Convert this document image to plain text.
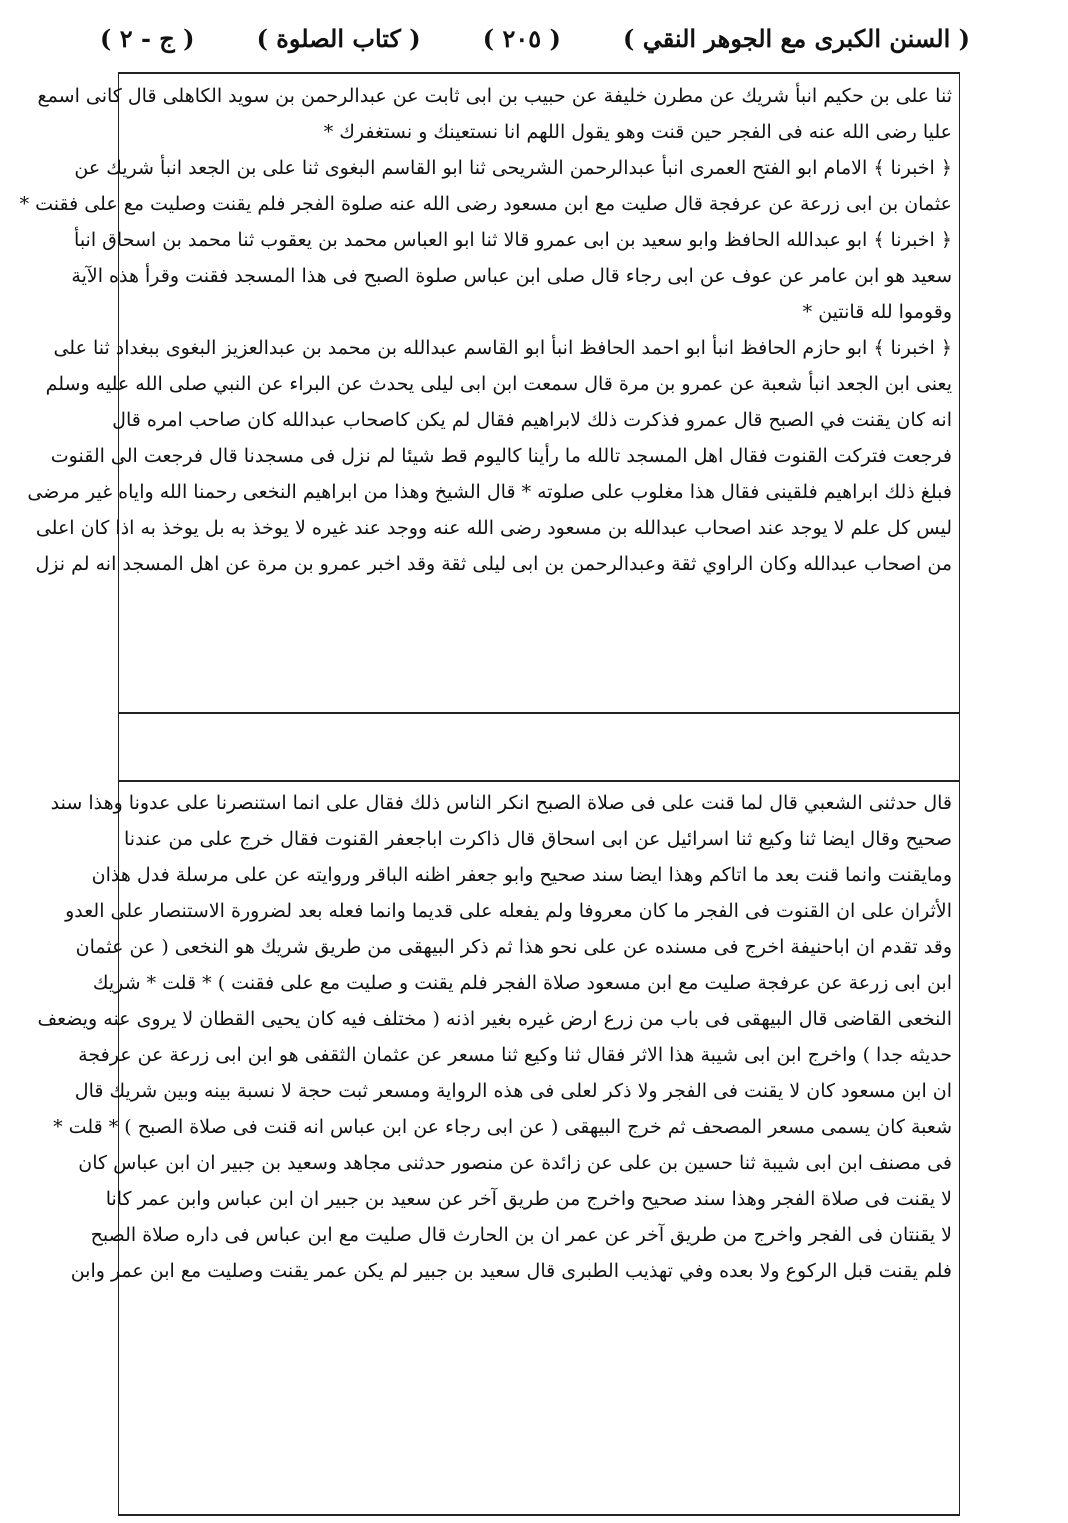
( السنن الكبرى مع الجوهر النقي )
( ٢٠٥ )
( كتاب الصلوة )
( ج - ٢ )
ثنا على بن حكيم انبأ شريك عن مطرن خليفة عن حبيب بن ابى ثابت عن عبدالرحمن بن سويد الكاهلى قال كانى اسمع
عليا رضى الله عنه فى الفجر حين قنت وهو يقول اللهم انا نستعينك و نستغفرك *
﴿ اخبرنا ﴾ الامام ابو الفتح العمرى انبأ عبدالرحمن الشريحى ثنا ابو القاسم البغوى ثنا على بن الجعد انبأ شريك عن
عثمان بن ابى زرعة عن عرفجة قال صليت مع ابن مسعود رضى الله عنه صلوة الفجر فلم يقنت وصليت مع على فقنت *
﴿ اخبرنا ﴾ ابو عبدالله الحافظ وابو سعيد بن ابى عمرو قالا ثنا ابو العباس محمد بن يعقوب ثنا محمد بن اسحاق انبأ
سعيد هو ابن عامر عن عوف عن ابى رجاء قال صلى ابن عباس صلوة الصبح فى هذا المسجد فقنت وقرأ هذه الآية
وقوموا لله قانتين *
﴿ اخبرنا ﴾ ابو حازم الحافظ انبأ ابو احمد الحافظ انبأ ابو القاسم عبدالله بن محمد بن عبدالعزيز البغوى ببغداد ثنا على
يعنى ابن الجعد انبأ شعبة عن عمرو بن مرة قال سمعت ابن ابى ليلى يحدث عن البراء عن النبي صلى الله عليه وسلم
انه كان يقنت في الصبح قال عمرو فذكرت ذلك لابراهيم فقال لم يكن كاصحاب عبدالله كان صاحب امره قال
فرجعت فتركت القنوت فقال اهل المسجد تالله ما رأينا كاليوم قط شيئا لم نزل فى مسجدنا قال فرجعت الى القنوت
فبلغ ذلك ابراهيم فلقينى فقال هذا مغلوب على صلوته * قال الشيخ وهذا من ابراهيم النخعى رحمنا الله واياه غير مرضى
ليس كل علم لا يوجد عند اصحاب عبدالله بن مسعود رضى الله عنه ووجد عند غيره لا يوخذ به بل يوخذ به اذا كان اعلى
من اصحاب عبدالله وكان الراوي ثقة وعبدالرحمن بن ابى ليلى ثقة وقد اخبر عمرو بن مرة عن اهل المسجد انه لم نزل
قال حدثنى الشعبي قال لما قنت على فى صلاة الصبح انكر الناس ذلك فقال على انما استنصرنا على عدونا وهذا سند
صحيح وقال ايضا ثنا وكيع ثنا اسرائيل عن ابى اسحاق قال ذاكرت اباجعفر القنوت فقال خرج على من عندنا
ومايقنت وانما قنت بعد ما اتاكم وهذا ايضا سند صحيح وابو جعفر اظنه الباقر وروايته عن على مرسلة فدل هذان
الأثران على ان القنوت فى الفجر ما كان معروفا ولم يفعله على قديما وانما فعله بعد لضرورة الاستنصار على العدو
وقد تقدم ان اباحنيفة اخرج فى مسنده عن على نحو هذا ثم ذكر البيهقى من طريق شريك هو النخعى ( عن عثمان
ابن ابى زرعة عن عرفجة صليت مع ابن مسعود صلاة الفجر فلم يقنت و صليت مع على فقنت ) * قلت * شريك
النخعى القاضى قال البيهقى فى باب من زرع ارض غيره بغير اذنه ( مختلف فيه كان يحيى القطان لا يروى عنه ويضعف
حديثه جدا ) واخرج ابن ابى شيبة هذا الاثر فقال ثنا وكيع ثنا مسعر عن عثمان الثقفى هو ابن ابى زرعة عن عرفجة
ان ابن مسعود كان لا يقنت فى الفجر ولا ذكر لعلى فى هذه الرواية ومسعر ثبت حجة لا نسبة بينه وبين شريك قال
شعبة كان يسمى مسعر المصحف ثم خرج البيهقى ( عن ابى رجاء عن ابن عباس انه قنت فى صلاة الصبح ) * قلت *
فى مصنف ابن ابى شيبة ثنا حسين بن على عن زائدة عن منصور حدثنى مجاهد وسعيد بن جبير ان ابن عباس كان
لا يقنت فى صلاة الفجر وهذا سند صحيح واخرج من طريق آخر عن سعيد بن جبير ان ابن عباس وابن عمر كانا
لا يقنتان فى الفجر واخرج من طريق آخر عن عمر ان بن الحارث قال صليت مع ابن عباس فى داره صلاة الصبح
فلم يقنت قبل الركوع ولا بعده وفي تهذيب الطبرى قال سعيد بن جبير لم يكن عمر يقنت وصليت مع ابن عمر وابن
